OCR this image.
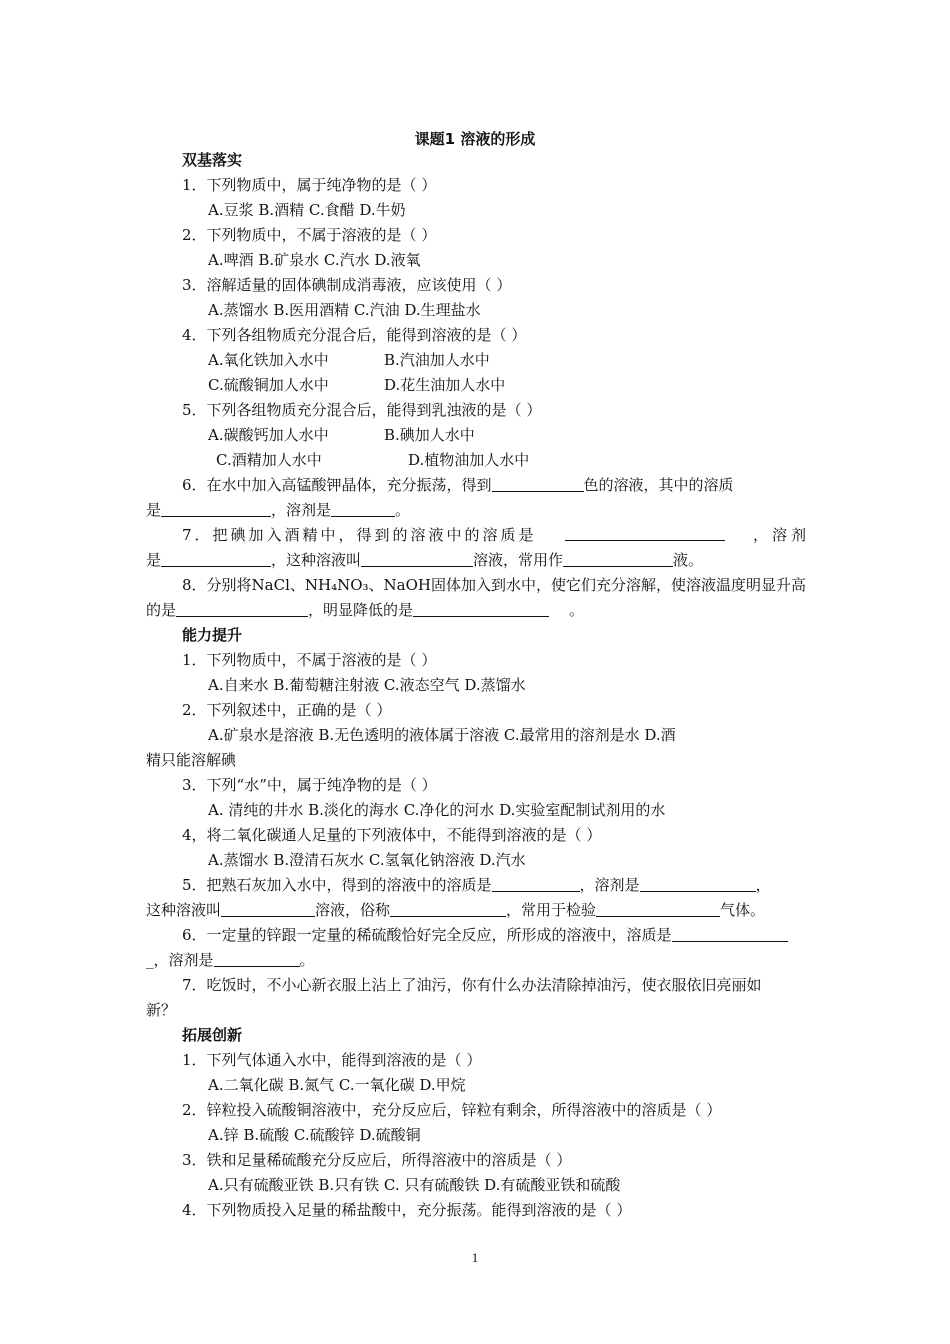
课题1 溶液的形成
双基落实
1．下列物质中，属于纯净物的是（ ）
A.豆浆 B.酒精 C.食醋 D.牛奶
2．下列物质中，不属于溶液的是（ ）
A.啤酒 B.矿泉水 C.汽水 D.液氧
3．溶解适量的固体碘制成消毒液，应该使用（ ）
A.蒸馏水 B.医用酒精 C.汽油 D.生理盐水
4．下列各组物质充分混合后，能得到溶液的是（ ）
A.氧化铁加入水中	B.汽油加人水中
C.硫酸铜加人水中	D.花生油加人水中
5．下列各组物质充分混合后，能得到乳浊液的是（ ）
A.碳酸钙加人水中	B.碘加人水中
C.酒精加人水中	D.植物油加人水中
6．在水中加入高锰酸钾晶体，充分振荡，得到	色的溶液，其中的溶质
是	，溶剂是	。
7．把碘加入酒精中，得到的溶液中的溶质是	，溶剂
是	，这种溶液叫	溶液，常用作	液。
8．分别将NaCl、NH₄NO₃、NaOH固体加入到水中，使它们充分溶解，使溶液温度明显升高
的是	，明显降低的是	。
能力提升
1．下列物质中，不属于溶液的是（ ）
A.自来水 B.葡萄糖注射液 C.液态空气 D.蒸馏水
2．下列叙述中，正确的是（ ）
A.矿泉水是溶液 B.无色透明的液体属于溶液 C.最常用的溶剂是水 D.酒
精只能溶解碘
3．下列“水”中，属于纯净物的是（ ）
A. 清纯的井水 B.淡化的海水 C.净化的河水 D.实验室配制试剂用的水
4，将二氧化碳通人足量的下列液体中，不能得到溶液的是（ ）
A.蒸馏水 B.澄清石灰水 C.氢氧化钠溶液 D.汽水
5．把熟石灰加入水中，得到的溶液中的溶质是	，溶剂是	，
这种溶液叫	溶液，俗称	，常用于检验	气体。
6．一定量的锌跟一定量的稀硫酸恰好完全反应，所形成的溶液中，溶质是
_，溶剂是	。
7．吃饭时，不小心新衣服上沾上了油污，你有什么办法清除掉油污，使衣服依旧亮丽如
新？
拓展创新
1．下列气体通入水中，能得到溶液的是（ ）
A.二氧化碳 B.氮气 C.一氧化碳 D.甲烷
2．锌粒投入硫酸铜溶液中，充分反应后，锌粒有剩余，所得溶液中的溶质是（ ）
A.锌 B.硫酸 C.硫酸锌 D.硫酸铜
3．铁和足量稀硫酸充分反应后，所得溶液中的溶质是（ ）
A.只有硫酸亚铁 B.只有铁 C. 只有硫酸铁 D.有硫酸亚铁和硫酸
4．下列物质投入足量的稀盐酸中，充分振荡。能得到溶液的是（ ）
1
